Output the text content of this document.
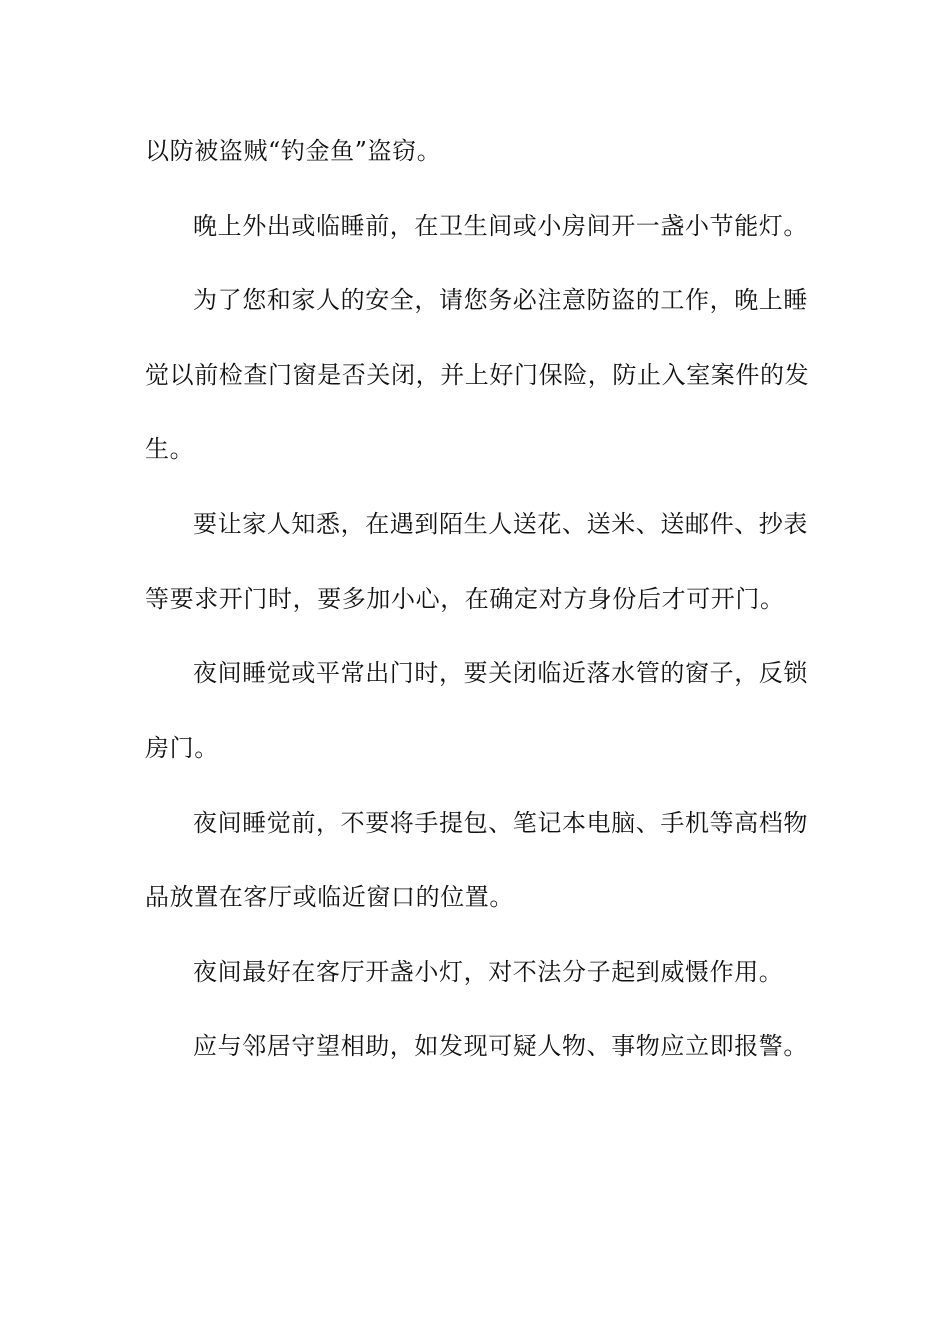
以防被盗贼“钓金鱼”盗窃。
晚上外出或临睡前，在卫生间或小房间开一盏小节能灯。
为了您和家人的安全，请您务必注意防盗的工作，晚上睡
觉以前检查门窗是否关闭，并上好门保险，防止入室案件的发
生。
要让家人知悉，在遇到陌生人送花、送米、送邮件、抄表
等要求开门时，要多加小心，在确定对方身份后才可开门。
夜间睡觉或平常出门时，要关闭临近落水管的窗子，反锁
房门。
夜间睡觉前，不要将手提包、笔记本电脑、手机等高档物
品放置在客厅或临近窗口的位置。
夜间最好在客厅开盏小灯，对不法分子起到威慑作用。
应与邻居守望相助，如发现可疑人物、事物应立即报警。
